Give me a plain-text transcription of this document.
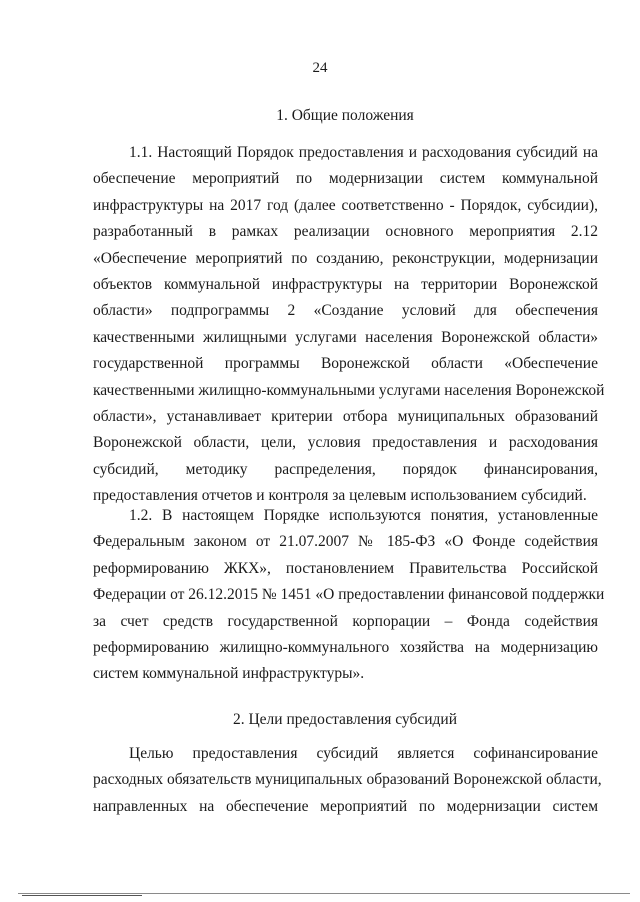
24
1. Общие положения
1.1. Настоящий Порядок предоставления и расходования субсидий на
обеспечение мероприятий по модернизации систем коммунальной
инфраструктуры на 2017 год (далее соответственно - Порядок, субсидии),
разработанный в рамках реализации основного мероприятия 2.12
«Обеспечение мероприятий по созданию, реконструкции, модернизации
объектов коммунальной инфраструктуры на территории Воронежской
области» подпрограммы 2 «Создание условий для обеспечения
качественными жилищными услугами населения Воронежской области»
государственной программы Воронежской области «Обеспечение
качественными жилищно-коммунальными услугами населения Воронежской
области», устанавливает критерии отбора муниципальных образований
Воронежской области, цели, условия предоставления и расходования
субсидий, методику распределения, порядок финансирования,
предоставления отчетов и контроля за целевым использованием субсидий.
1.2. В настоящем Порядке используются понятия, установленные
Федеральным законом от 21.07.2007 № 185-ФЗ «О Фонде содействия
реформированию ЖКХ», постановлением Правительства Российской
Федерации от 26.12.2015 № 1451 «О предоставлении финансовой поддержки
за счет средств государственной корпорации – Фонда содействия
реформированию жилищно-коммунального хозяйства на модернизацию
систем коммунальной инфраструктуры».
2. Цели предоставления субсидий
Целью предоставления субсидий является софинансирование
расходных обязательств муниципальных образований Воронежской области,
направленных на обеспечение мероприятий по модернизации систем
